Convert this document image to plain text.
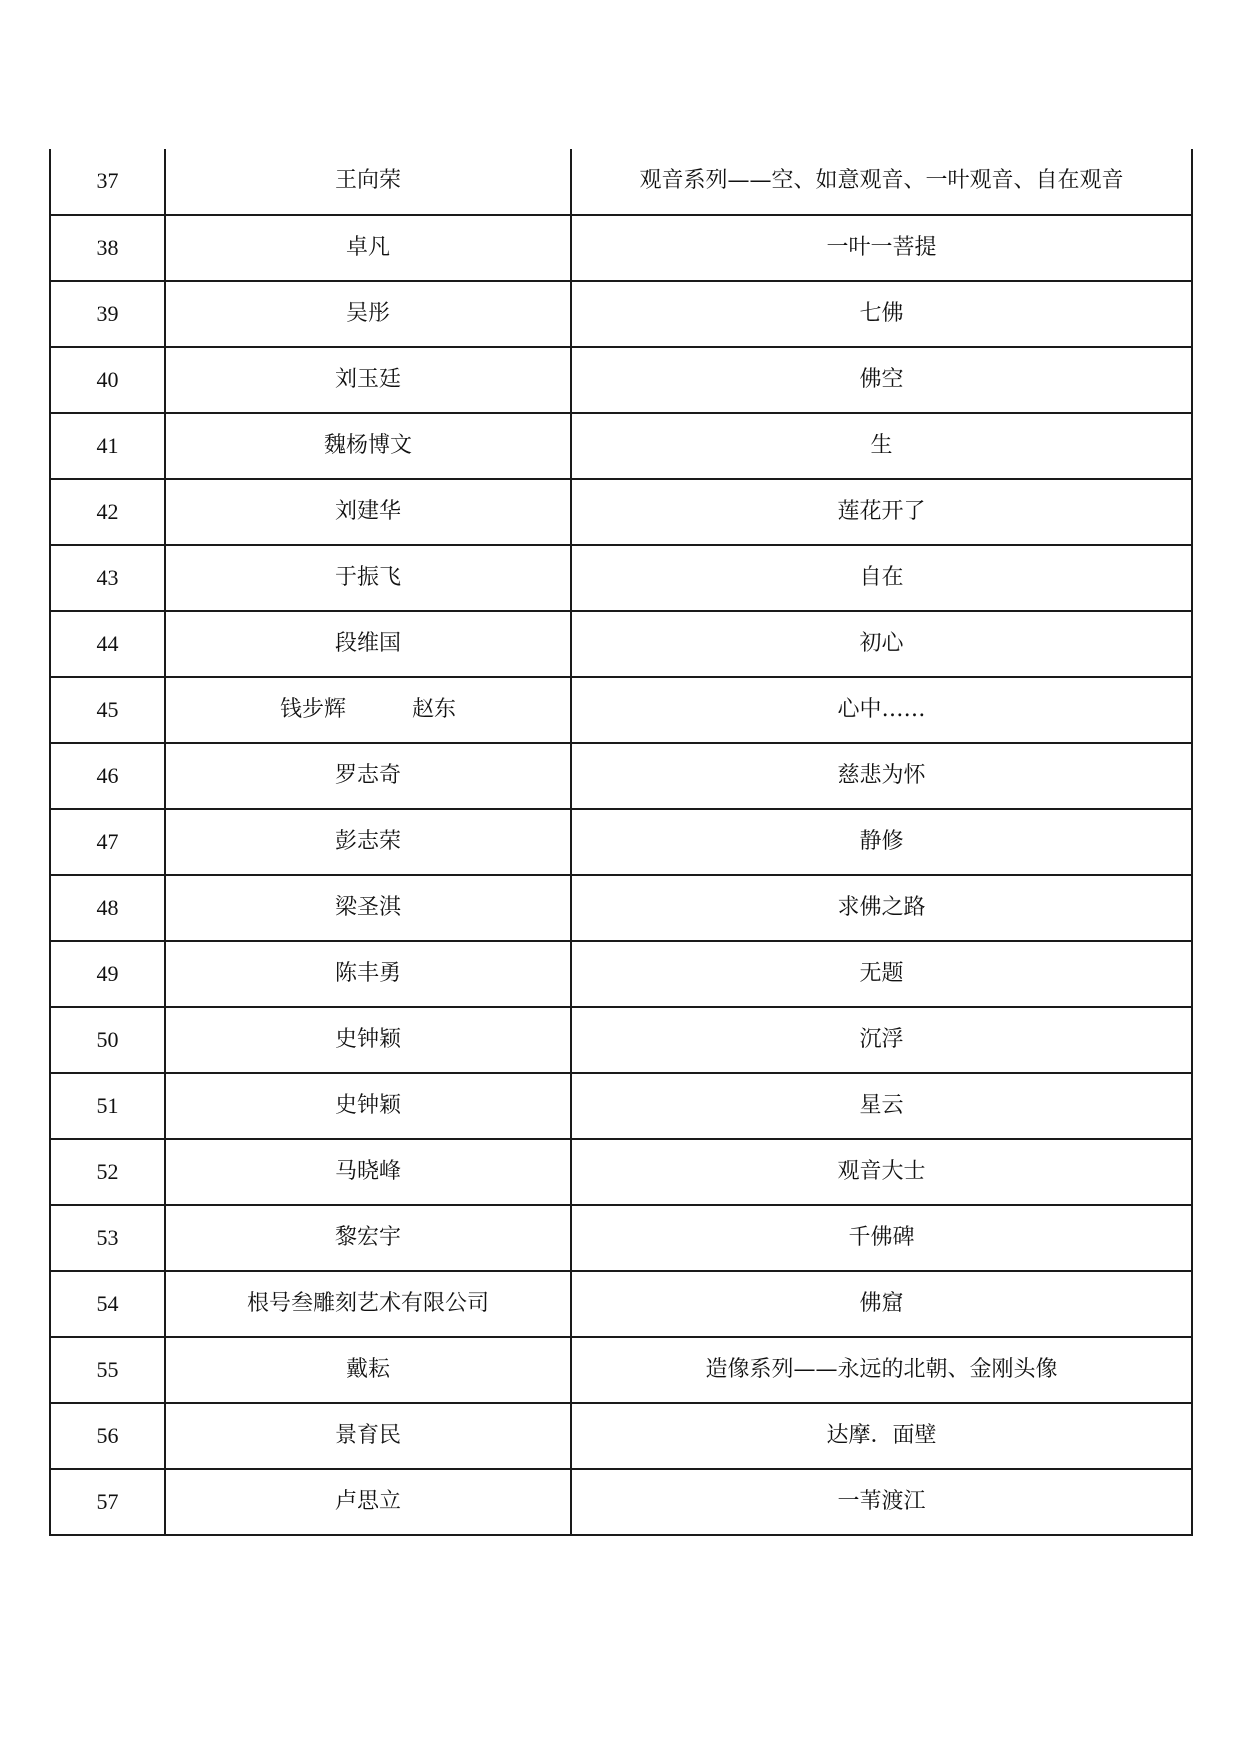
37	王向荣	观音系列——空、如意观音、一叶观音、自在观音
38	卓凡	一叶一菩提
39	吴彤	七佛
40	刘玉廷	佛空
41	魏杨博文	生
42	刘建华	莲花开了
43	于振飞	自在
44	段维国	初心
45	钱步辉 赵东	心中……
46	罗志奇	慈悲为怀
47	彭志荣	静修
48	梁圣淇	求佛之路
49	陈丰勇	无题
50	史钟颖	沉浮
51	史钟颖	星云
52	马晓峰	观音大士
53	黎宏宇	千佛碑
54	根号叁雕刻艺术有限公司	佛窟
55	戴耘	造像系列——永远的北朝、金刚头像
56	景育民	达摩．面壁
57	卢思立	一苇渡江
